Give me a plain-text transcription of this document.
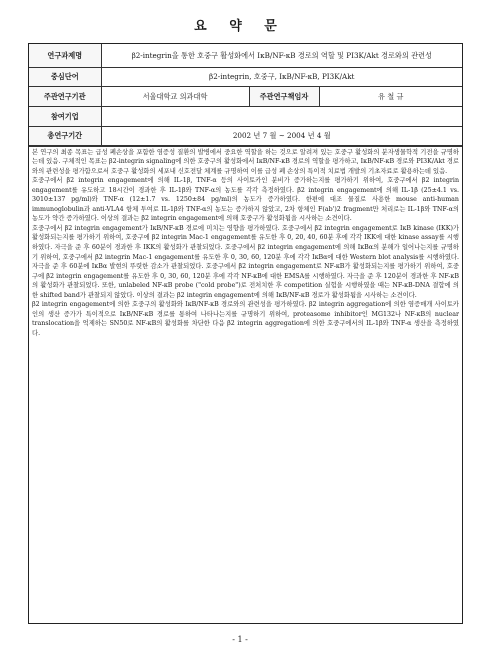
요 약 문
연구과제명	β2-integrin을 통한 호중구 활성화에서 IκB/NF-κB 경로의 역할 및 PI3K/Akt 경로와의 관련성		
중심단어	β2-integrin, 호중구, IκB/NF-κB, PI3K/Akt		
주관연구기관	서울대학교 의과대학	주관연구책임자	유 철 규
참여기업			
총연구기간	2002 년 7 월 ~ 2004 년 4 월		

본 연구의 최종 목표는 급성 폐손상을 포함한 염증성 질환의 발병에서 중요한 역할을 하는 것으로 알려져 있는 호중구 활성화의 분자생물학적 기전을 규명하는데 있음. 구체적인 목표는 β2-integrin signaling에 의한 호중구의 활성화에서 IκB/NF-κB 경로의 역할을 평가하고, IκB/NF-κB 경로와 PI3K/Akt 경로와의 관련성을 평가함으로서 호중구 활성화의 세포내 신호전달 체계를 규명하여 이를 급성 폐 손상의 특이적 치료법 개발의 기초자료로 활용하는데 있음.

호중구에서 β2 integrin engagement에 의해 IL-1β, TNF-α 등의 사이토카인 분비가 증가하는지를 평가하기 위하여, 호중구에서 β2 integrin engagement를 유도하고 18시간이 경과한 후 IL-1β와 TNF-α의 농도를 각각 측정하였다. β2 integrin engagement에 의해 IL-1β (25±4.1 vs. 3010±137 pg/ml)와 TNF-α (12±1.7 vs. 1250±84 pg/ml)의 농도가 증가하였다. 한편에 대조 물질로 사용한 mouse anti-human immunoglobulin과 anti-VLA4 항체 투여로 IL-1β와 TNF-α의 농도는 증가하지 않았고, 2차 항체인 F(ab')2 fragment만 처리로는 IL-1β와 TNF-α의 농도가 약간 증가하였다. 이상의 결과는 β2 integrin engagement에 의해 호중구가 활성화됨을 시사하는 소견이다.

호중구에서 β2 integrin engagement가 IκB/NF-κB 경로에 미치는 영향을 평가하였다. 호중구에서 β2 integrin engagement로 IκB kinase (IKK)가 활성화되는지를 평가하기 위하여, 호중구에 β2 integrin Mac-1 engagement를 유도한 후 0, 20, 40, 60분 후에 각각 IKK에 대한 kinase assay를 시행하였다. 자극을 준 후 60분이 경과한 후 IKK의 활성화가 관찰되었다. 호중구에서 β2 integrin engagement에 의해 IκBα의 분해가 일어나는지를 규명하기 위하여, 호중구에서 β2 integrin Mac-1 engagement를 유도한 후 0, 30, 60, 120분 후에 각각 IκBα에 대한 Western blot analysis를 시행하였다. 자극을 준 후 60분에 IκBα 발현의 뚜렷한 감소가 관찰되었다. 호중구에서 β2 integrin engagement로 NF-κB가 활성화되는지를 평가하기 위하여, 호중구에 β2 integrin engagement를 유도한 후 0, 30, 60, 120분 후에 각각 NF-κB에 대한 EMSA를 시행하였다. 자극을 준 후 120분이 경과한 후 NF-κB의 활성화가 관찰되었다. 또한, unlabeled NF-κB probe ("cold probe")로 전처치한 후 competition 실험을 시행하였을 때는 NF-κB-DNA 결합에 의한 shifted band가 관찰되지 않았다. 이상의 결과는 β2 integrin engagement에 의해 IκB/NF-κB 경로가 활성화됨을 시사하는 소견이다.

β2 integrin engagement에 의한 호중구의 활성화와 IκB/NF-κB 경로와의 관련성을 평가하였다. β2 integrin aggregation에 의한 염증매개 사이토카인의 생산 증가가 특이적으로 IκB/NF-κB 경로를 통하여 나타나는지를 규명하기 위하여, proteasome inhibitor인 MG132나 NF-κB의 nuclear translocation을 억제하는 SN50로 NF-κB의 활성화를 차단한 다음 β2 integrin aggregation에 의한 호중구에서의 IL-1β와 TNF-α 생산을 측정하였다.

- 1 -
